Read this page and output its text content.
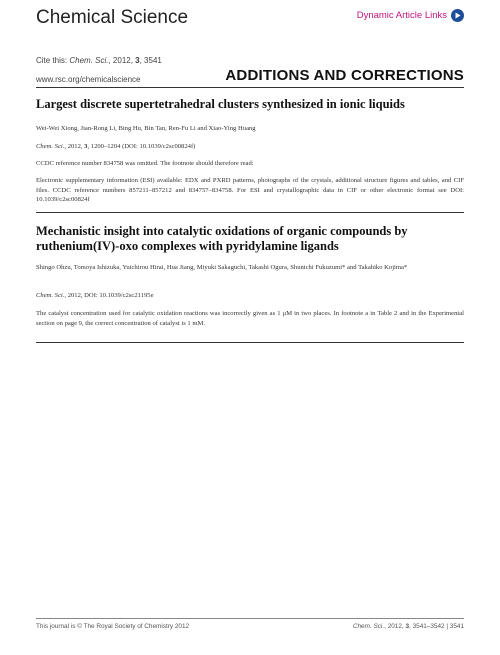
Chemical Science	Dynamic Article Links
Cite this: Chem. Sci., 2012, 3, 3541
www.rsc.org/chemicalscience	ADDITIONS AND CORRECTIONS
Largest discrete supertetrahedral clusters synthesized in ionic liquids
Wei-Wei Xiong, Jian-Rong Li, Bing Hu, Bin Tan, Ren-Fu Li and Xiao-Ying Huang
Chem. Sci., 2012, 3, 1200–1204 (DOI: 10.1039/c2sc00824f)
CCDC reference number 834758 was omitted. The footnote should therefore read:
Electronic supplementary information (ESI) available: EDX and PXRD patterns, photographs of the crystals, additional structure figures and tables, and CIF files. CCDC reference numbers 857211–857212 and 834757–834758. For ESI and crystallographic data in CIF or other electronic format see DOI: 10.1039/c2sc00824f
Mechanistic insight into catalytic oxidations of organic compounds by ruthenium(IV)-oxo complexes with pyridylamine ligands
Shingo Ohzu, Tomoya Ishizuka, Yuichirou Hirai, Hua Jiang, Miyuki Sakaguchi, Takashi Ogura, Shunichi Fukuzumi* and Takahiko Kojima*
Chem. Sci., 2012, DOI: 10.1039/c2sc21195e
The catalyst concentration used for catalytic oxidation reactions was incorrectly given as 1 μM in two places. In footnote a in Table 2 and in the Experimental section on page 9, the correct concentration of catalyst is 1 mM.
This journal is © The Royal Society of Chemistry 2012	Chem. Sci., 2012, 3, 3541–3542 | 3541
